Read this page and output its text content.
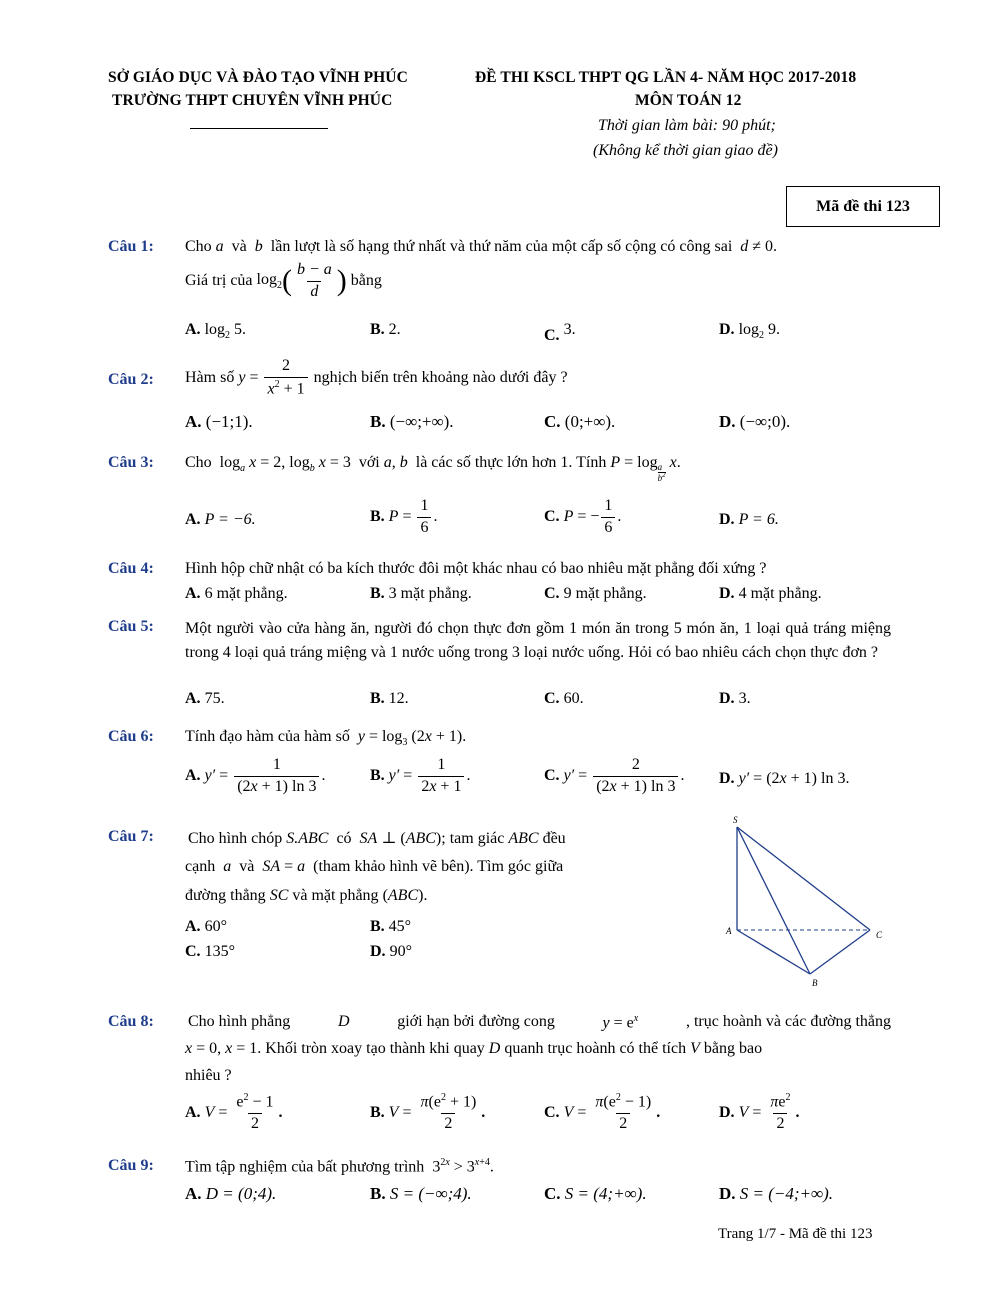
SỞ GIÁO DỤC VÀ ĐÀO TẠO VĨNH PHÚC
TRƯỜNG THPT CHUYÊN VĨNH PHÚC
ĐỀ THI KSCL THPT QG LẦN 4- NĂM HỌC 2017-2018
MÔN TOÁN 12
Thời gian làm bài: 90 phút;
(Không kể thời gian giao đề)
Mã đề thi 123
Câu 1: Cho a và b lần lượt là số hạng thứ nhất và thứ năm của một cấp số cộng có công sai d ≠ 0.
Giá trị của
$\log_2$ ( $\frac{b - a}{d}$ )
bằng
A. $\log_2 5$.	B. 2.	C. 3.	D. $\log_2 9$.
Câu 2: Hàm số
$y = \frac{2}{x^2 + 1}$
nghịch biến trên khoảng nào dưới đây ?
A. (−1;1).	B. (−∞;+∞).	C. (0;+∞).	D. (−∞;0).
Câu 3: Cho  $\log_a x = 2$, $\log_b x = 3$  với a, b là các số thực lớn hơn 1. Tính $P = \log\frac{a}{b^2} x$.
A. P = −6.	B.
$P = \frac{1}{6}$ .	C.
P = − $\frac{1}{6}$ .	D. P = 6.
Câu 4: Hình hộp chữ nhật có ba kích thước đôi một khác nhau có bao nhiêu mặt phẳng đối xứng ?
A. 6 mặt phẳng.	B. 3 mặt phẳng.	C. 9 mặt phẳng.	D. 4 mặt phẳng.
Câu 5: Một người vào cửa hàng ăn, người đó chọn thực đơn gồm 1 món ăn trong 5 món ăn, 1 loại quả tráng miệng trong 4 loại quả tráng miệng và 1 nước uống trong 3 loại nước uống. Hỏi có bao nhiêu cách chọn thực đơn ?
A. 75.	B. 12.	C. 60.	D. 3.
Câu 6: Tính đạo hàm của hàm số $y = \log_3 (2x + 1)$.
A.
$y' = \frac{1}{(2x + 1) \ln 3}$ .	B.
$y' = \frac{1}{2x + 1}$ .	C.
$y' = \frac{2}{(2x + 1) \ln 3}$ . D. y′ = (2x + 1) ln 3.
Câu 7: Cho hình chóp S.ABC có SA ⊥ (ABC); tam giác ABC đều
cạnh a và SA = a (tham khảo hình vẽ bên). Tìm góc giữa
đường thẳng SC và mặt phẳng (ABC).
A. 60°	B. 45°
C. 135°	D. 90°
S
A
B
C
Câu 8: Cho hình phẳng	D	giới hạn bởi đường cong	$y = e^x$	, trục hoành và các đường thẳng
x = 0, x = 1. Khối tròn xoay tạo thành khi quay D quanh trục hoành có thể tích V bằng bao
nhiêu ?
A.
$V = \frac{e^2 - 1}{2}$ .	B.
$V = \frac{\pi(e^2 + 1)}{2}$ .	C.
$V = \frac{\pi(e^2 - 1)}{2}$ .	D.
$V = \frac{\pi e^2}{2}$ .
Câu 9: Tìm tập nghiệm của bất phương trình  $3^{2x} > 3^{x+4}$.
A. D = (0;4).	B. S = (−∞;4).	C. S = (4;+∞).	D. S = (−4;+∞).
Trang 1/7 - Mã đề thi 123
